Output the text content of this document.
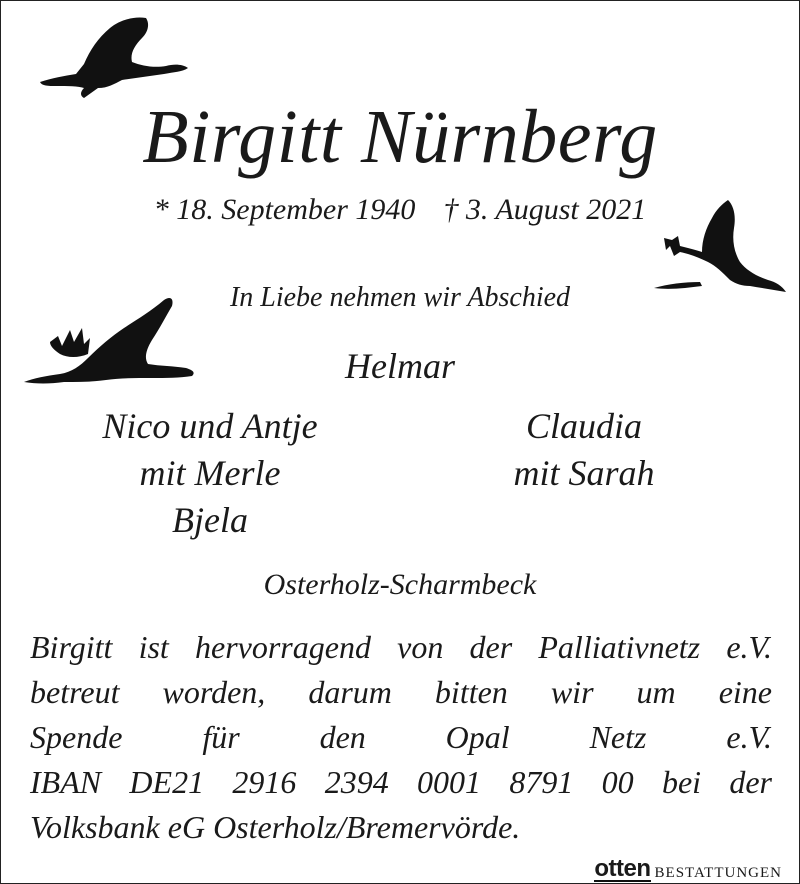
Birgitt Nürnberg
* 18. September 1940 † 3. August 2021
In Liebe nehmen wir Abschied
Helmar
Nico und Antje
mit Merle
Bjela
Claudia
mit Sarah
Osterholz-Scharmbeck
Birgitt ist hervorragend von der Palliativnetz e.V.
betreut worden, darum bitten wir um eine
Spende für den Opal Netz e.V.
IBAN DE21 2916 2394 0001 8791 00 bei der
Volksbank eG Osterholz/Bremervörde.
otten BESTATTUNGEN
